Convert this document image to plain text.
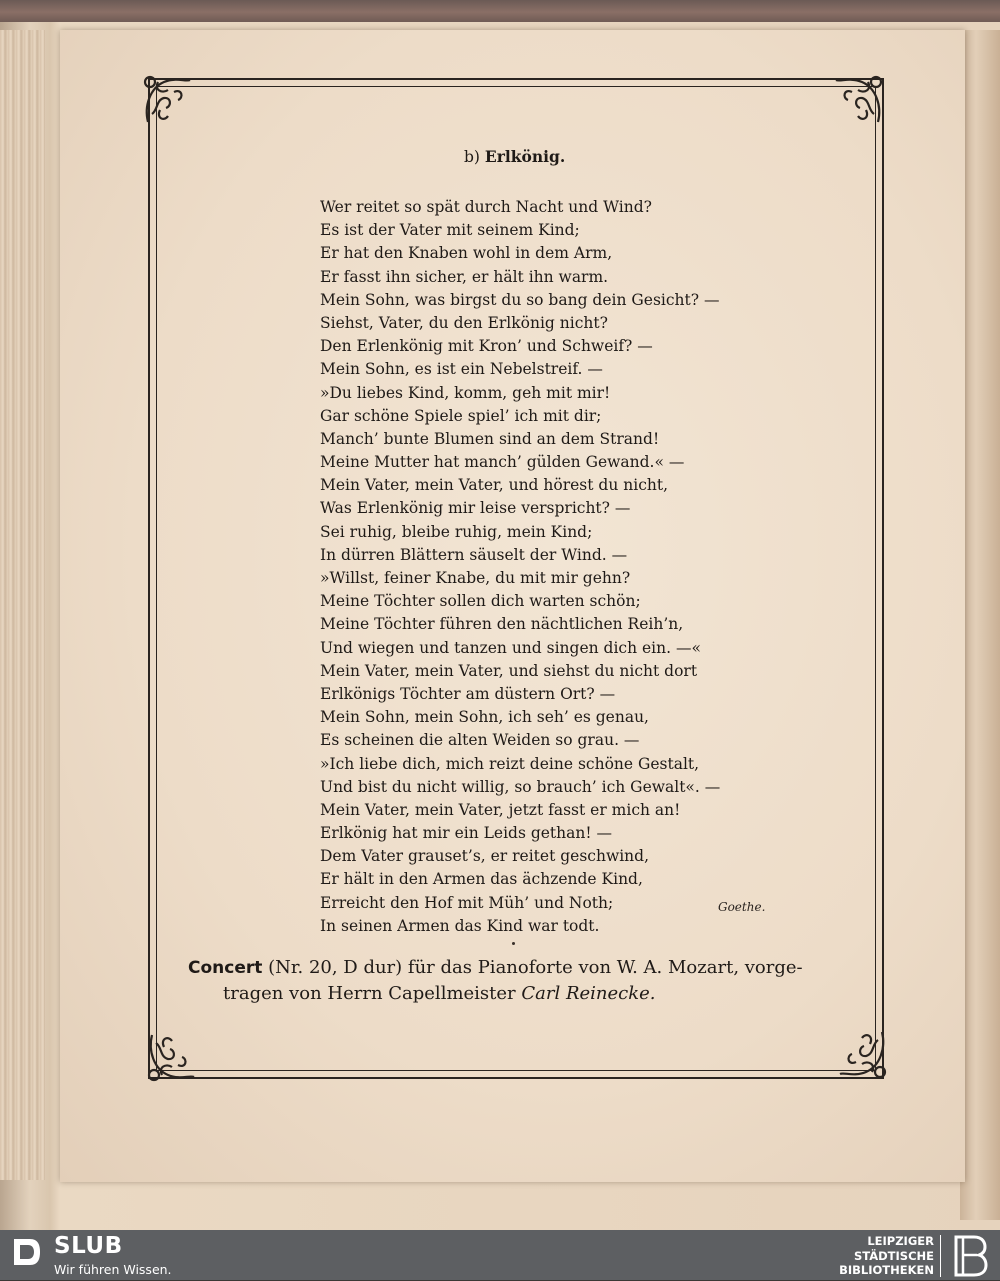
b) Erlkönig.
Wer reitet so spät durch Nacht und Wind?
Es ist der Vater mit seinem Kind;
Er hat den Knaben wohl in dem Arm,
Er fasst ihn sicher, er hält ihn warm.
Mein Sohn, was birgst du so bang dein Gesicht? —
Siehst, Vater, du den Erlkönig nicht?
Den Erlenkönig mit Kron’ und Schweif? —
Mein Sohn, es ist ein Nebelstreif. —
»Du liebes Kind, komm, geh mit mir!
Gar schöne Spiele spiel’ ich mit dir;
Manch’ bunte Blumen sind an dem Strand!
Meine Mutter hat manch’ gülden Gewand.« —
Mein Vater, mein Vater, und hörest du nicht,
Was Erlenkönig mir leise verspricht? —
Sei ruhig, bleibe ruhig, mein Kind;
In dürren Blättern säuselt der Wind. —
»Willst, feiner Knabe, du mit mir gehn?
Meine Töchter sollen dich warten schön;
Meine Töchter führen den nächtlichen Reih’n,
Und wiegen und tanzen und singen dich ein. —«
Mein Vater, mein Vater, und siehst du nicht dort
Erlkönigs Töchter am düstern Ort? —
Mein Sohn, mein Sohn, ich seh’ es genau,
Es scheinen die alten Weiden so grau. —
»Ich liebe dich, mich reizt deine schöne Gestalt,
Und bist du nicht willig, so brauch’ ich Gewalt«. —
Mein Vater, mein Vater, jetzt fasst er mich an!
Erlkönig hat mir ein Leids gethan! —
Dem Vater grauset’s, er reitet geschwind,
Er hält in den Armen das ächzende Kind,
Erreicht den Hof mit Müh’ und Noth;
In seinen Armen das Kind war todt.
Goethe.
Concert (Nr. 20, D dur) für das Pianoforte von W. A. Mozart, vorge-
tragen von Herrn Capellmeister Carl Reinecke.
SLUB
Wir führen Wissen.
LEIPZIGER
STÄDTISCHE
BIBLIOTHEKEN
